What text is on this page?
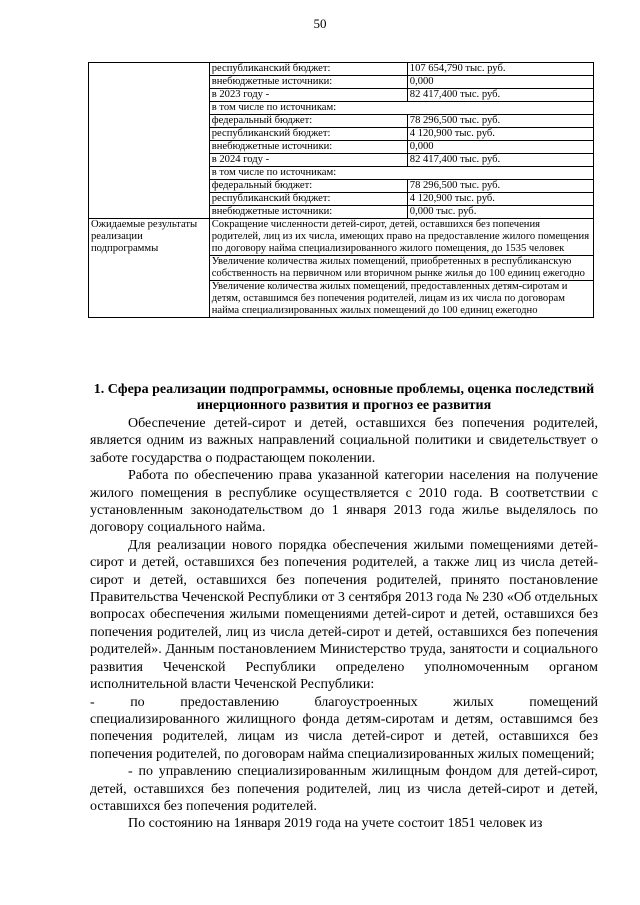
50
	республиканский бюджет:	107 654,790 тыс. руб.
	внебюджетные источники:	0,000
	в 2023 году -	82 417,400 тыс. руб.
	в том числе по источникам:	
	федеральный бюджет:	78 296,500 тыс. руб.
	республиканский бюджет:	4 120,900 тыс. руб.
	внебюджетные источники:	0,000
	в 2024 году -	82 417,400 тыс. руб.
	в том числе по источникам:	
	федеральный бюджет:	78 296,500 тыс. руб.
	республиканский бюджет:	4 120,900 тыс. руб.
	внебюджетные источники:	0,000 тыс. руб.
Ожидаемые результаты реализации подпрограммы	Сокращение численности детей-сирот, детей, оставшихся без попечения родителей, лиц из их числа, имеющих право на предоставление жилого помещения по договору найма специализированного жилого помещения, до 1535 человек	
	Увеличение количества жилых помещений, приобретенных в республиканскую собственность на первичном или вторичном рынке жилья до 100 единиц ежегодно	
	Увеличение количества жилых помещений, предоставленных детям-сиротам и детям, оставшимся без попечения родителей, лицам из их числа по договорам найма специализированных жилых помещений до 100 единиц ежегодно	
1. Сфера реализации подпрограммы, основные проблемы, оценка последствий инерционного развития и прогноз ее развития

Обеспечение детей-сирот и детей, оставшихся без попечения родителей, является одним из важных направлений социальной политики и свидетельствует о заботе государства о подрастающем поколении.

Работа по обеспечению права указанной категории населения на получение жилого помещения в республике осуществляется с 2010 года. В соответствии с установленным законодательством до 1 января 2013 года жилье выделялось по договору социального найма.

Для реализации нового порядка обеспечения жилыми помещениями детей-сирот и детей, оставшихся без попечения родителей, а также лиц из числа детей-сирот и детей, оставшихся без попечения родителей, принято постановление Правительства Чеченской Республики от 3 сентября 2013 года № 230 «Об отдельных вопросах обеспечения жилыми помещениями детей-сирот и детей, оставшихся без попечения родителей, лиц из числа детей-сирот и детей, оставшихся без попечения родителей». Данным постановлением Министерство труда, занятости и социального развития Чеченской Республики определено уполномоченным органом исполнительной власти Чеченской Республики:

-	по	предоставлению	благоустроенных	жилых	помещений

специализированного жилищного фонда детям-сиротам и детям, оставшимся без попечения родителей, лицам из числа детей-сирот и детей, оставшихся без попечения родителей, по договорам найма специализированных жилых помещений;

- по управлению специализированным жилищным фондом для детей-сирот, детей, оставшихся без попечения родителей, лиц из числа детей-сирот и детей, оставшихся без попечения родителей.

По состоянию на 1января 2019 года на учете состоит 1851 человек из
